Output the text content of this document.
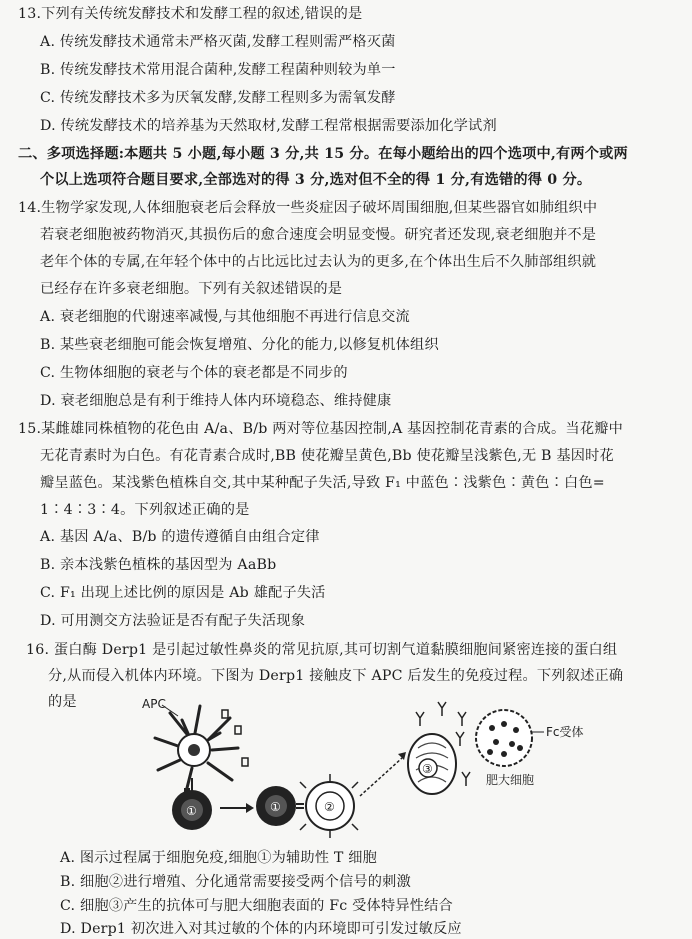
13.下列有关传统发酵技术和发酵工程的叙述,错误的是
A. 传统发酵技术通常未严格灭菌,发酵工程则需严格灭菌
B. 传统发酵技术常用混合菌种,发酵工程菌种则较为单一
C. 传统发酵技术多为厌氧发酵,发酵工程则多为需氧发酵
D. 传统发酵技术的培养基为天然取材,发酵工程常根据需要添加化学试剂
二、多项选择题:本题共 5 小题,每小题 3 分,共 15 分。在每小题给出的四个选项中,有两个或两
个以上选项符合题目要求,全部选对的得 3 分,选对但不全的得 1 分,有选错的得 0 分。
14.生物学家发现,人体细胞衰老后会释放一些炎症因子破坏周围细胞,但某些器官如肺组织中
若衰老细胞被药物消灭,其损伤后的愈合速度会明显变慢。研究者还发现,衰老细胞并不是
老年个体的专属,在年轻个体中的占比远比过去认为的更多,在个体出生后不久肺部组织就
已经存在许多衰老细胞。下列有关叙述错误的是
A. 衰老细胞的代谢速率减慢,与其他细胞不再进行信息交流
B. 某些衰老细胞可能会恢复增殖、分化的能力,以修复机体组织
C. 生物体细胞的衰老与个体的衰老都是不同步的
D. 衰老细胞总是有利于维持人体内环境稳态、维持健康
15.某雌雄同株植物的花色由 A/a、B/b 两对等位基因控制,A 基因控制花青素的合成。当花瓣中
无花青素时为白色。有花青素合成时,BB 使花瓣呈黄色,Bb 使花瓣呈浅紫色,无 B 基因时花
瓣呈蓝色。某浅紫色植株自交,其中某种配子失活,导致 F₁ 中蓝色∶浅紫色∶黄色∶白色=
1∶4∶3∶4。下列叙述正确的是
A. 基因 A/a、B/b 的遗传遵循自由组合定律
B. 亲本浅紫色植株的基因型为 AaBb
C. F₁ 出现上述比例的原因是 Ab 雄配子失活
D. 可用测交方法验证是否有配子失活现象
16. 蛋白酶 Derp1 是引起过敏性鼻炎的常见抗原,其可切割气道黏膜细胞间紧密连接的蛋白组
分,从而侵入机体内环境。下图为 Derp1 接触皮下 APC 后发生的免疫过程。下列叙述正确
的是	APC
①	①	②
③
Fc受体
肥大细胞
A. 图示过程属于细胞免疫,细胞①为辅助性 T 细胞
B. 细胞②进行增殖、分化通常需要接受两个信号的刺激
C. 细胞③产生的抗体可与肥大细胞表面的 Fc 受体特异性结合
D. Derp1 初次进入对其过敏的个体的内环境即可引发过敏反应
